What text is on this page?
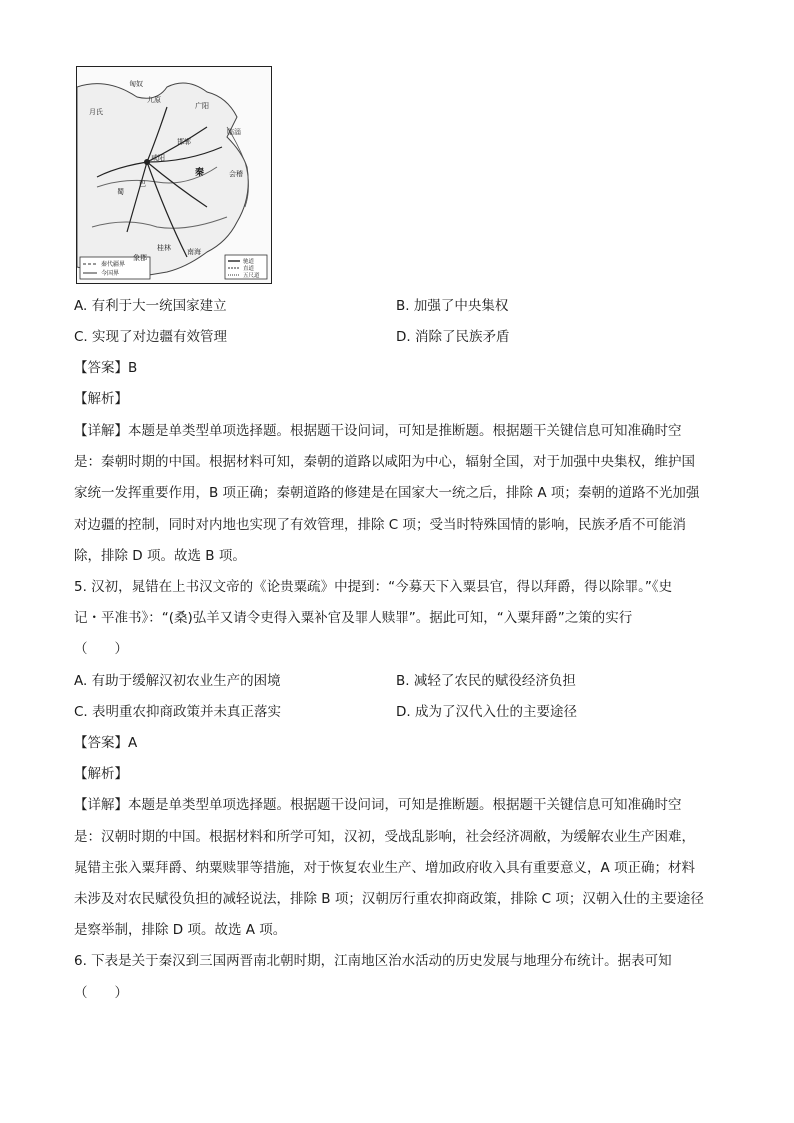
九原
咸阳
邯郸
广阳
临淄
会稽
南海
桂林
象郡
巴
蜀
秦
匈奴
月氏
秦代疆界
今国界
驰道
直道
五尺道
A. 有利于大一统国家建立	B. 加强了中央集权
C. 实现了对边疆有效管理	D. 消除了民族矛盾
【答案】B
【解析】
【详解】本题是单类型单项选择题。根据题干设问词，可知是推断题。根据题干关键信息可知准确时空
是：秦朝时期的中国。根据材料可知，秦朝的道路以咸阳为中心，辐射全国，对于加强中央集权，维护国
家统一发挥重要作用，B 项正确；秦朝道路的修建是在国家大一统之后，排除 A 项；秦朝的道路不光加强
对边疆的控制，同时对内地也实现了有效管理，排除 C 项；受当时特殊国情的影响，民族矛盾不可能消
除，排除 D 项。故选 B 项。
5. 汉初，晁错在上书汉文帝的《论贵粟疏》中提到：“今募天下入粟县官，得以拜爵，得以除罪。”《史
记・平准书》：“(桑)弘羊又请令吏得入粟补官及罪人赎罪”。据此可知，“入粟拜爵”之策的实行
（　　）
A. 有助于缓解汉初农业生产的困境	B. 减轻了农民的赋役经济负担
C. 表明重农抑商政策并未真正落实	D. 成为了汉代入仕的主要途径
【答案】A
【解析】
【详解】本题是单类型单项选择题。根据题干设问词，可知是推断题。根据题干关键信息可知准确时空
是：汉朝时期的中国。根据材料和所学可知，汉初，受战乱影响，社会经济凋敝，为缓解农业生产困难，
晁错主张入粟拜爵、纳粟赎罪等措施，对于恢复农业生产、增加政府收入具有重要意义，A 项正确；材料
未涉及对农民赋役负担的减轻说法，排除 B 项；汉朝厉行重农抑商政策，排除 C 项；汉朝入仕的主要途径
是察举制，排除 D 项。故选 A 项。
6. 下表是关于秦汉到三国两晋南北朝时期，江南地区治水活动的历史发展与地理分布统计。据表可知
（　　）
